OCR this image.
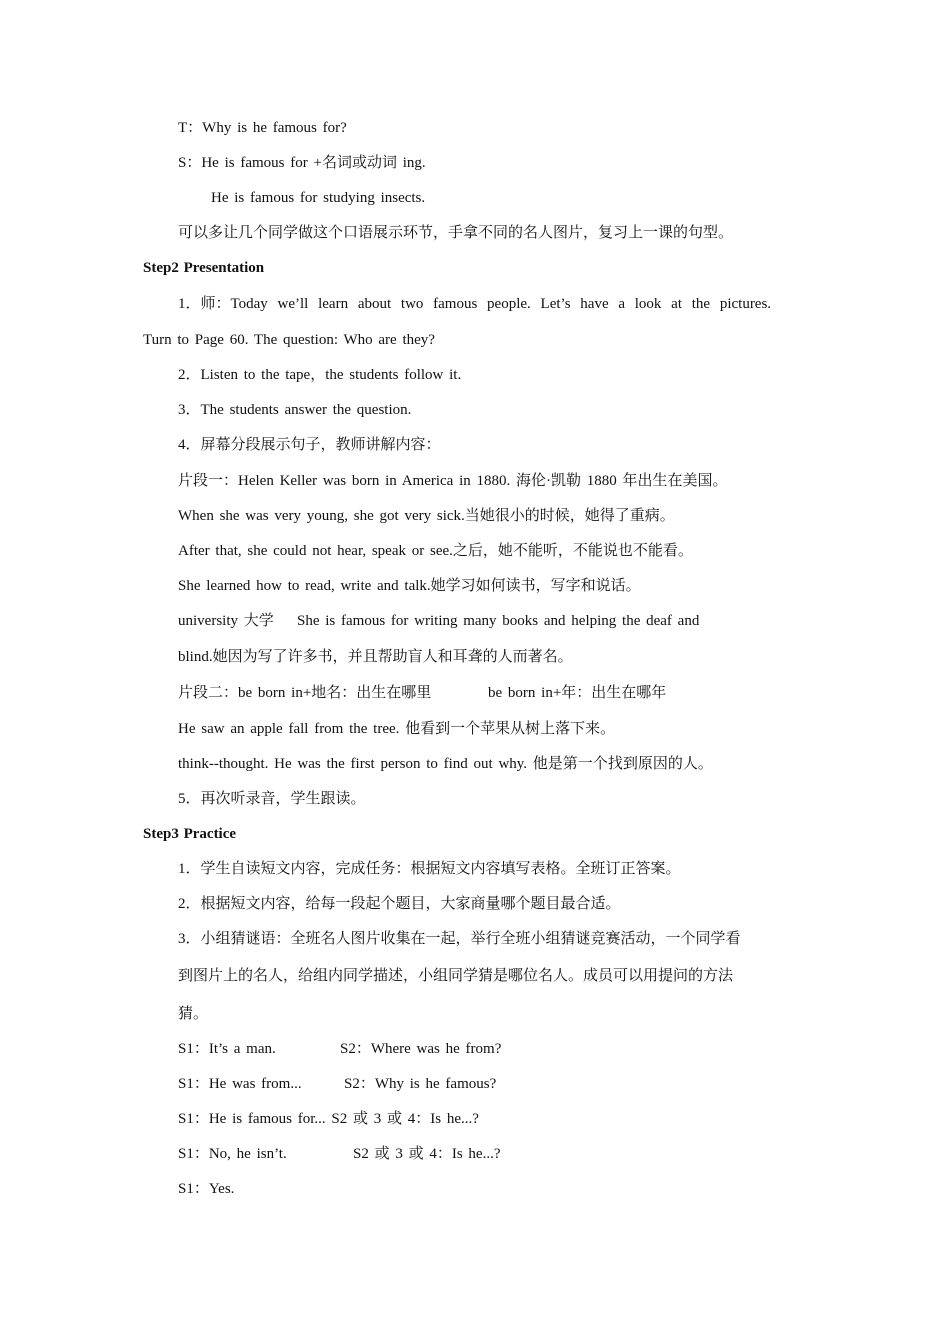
T：Why is he famous for?
S：He is famous for +名词或动词 ing.
He is famous for studying insects.
可以多让几个同学做这个口语展示环节，手拿不同的名人图片，复习上一课的句型。
Step2 Presentation
1．师：Today we’ll learn about two famous people. Let’s have a look at the pictures.
Turn to Page 60. The question: Who are they?
2．Listen to the tape，the students follow it.
3．The students answer the question.
4．屏幕分段展示句子，教师讲解内容：
片段一：Helen Keller was born in America in 1880. 海伦·凯勒 1880 年出生在美国。
When she was very young, she got very sick.当她很小的时候，她得了重病。
After that, she could not hear, speak or see.之后，她不能听，不能说也不能看。
She learned how to read, write and talk.她学习如何读书，写字和说话。
university 大学 She is famous for writing many books and helping the deaf and
blind.她因为写了许多书，并且帮助盲人和耳聋的人而著名。
片段二：be born in+地名：出生在哪里	be born in+年：出生在哪年
He saw an apple fall from the tree. 他看到一个苹果从树上落下来。
think--thought. He was the first person to find out why. 他是第一个找到原因的人。
5．再次听录音，学生跟读。
Step3 Practice
1．学生自读短文内容，完成任务：根据短文内容填写表格。全班订正答案。
2．根据短文内容，给每一段起个题目，大家商量哪个题目最合适。
3．小组猜谜语：全班名人图片收集在一起，举行全班小组猜谜竞赛活动，一个同学看
到图片上的名人，给组内同学描述，小组同学猜是哪位名人。成员可以用提问的方法
猜。
S1：It’s a man.	S2：Where was he from?
S1：He was from...	S2：Why is he famous?
S1：He is famous for... S2 或 3 或 4：Is he...?
S1：No, he isn’t.	S2 或 3 或 4：Is he...?
S1：Yes.
